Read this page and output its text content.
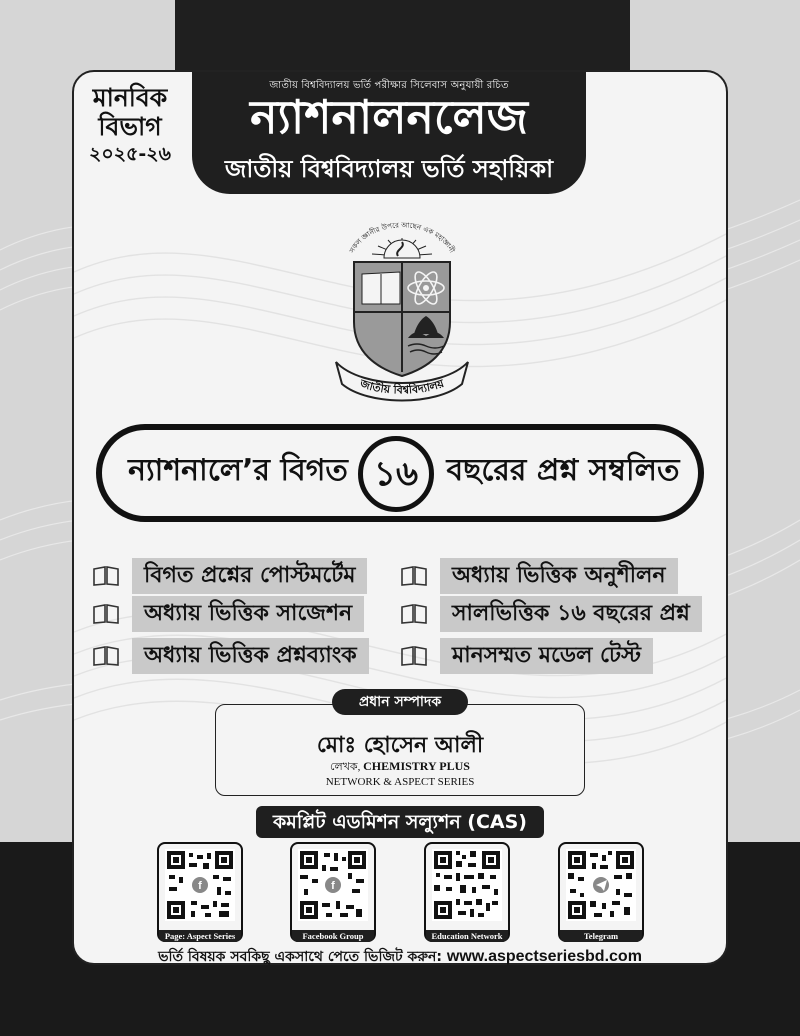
মানবিক
বিভাগ
২০২৫-২৬
জাতীয় বিশ্ববিদ্যালয় ভর্তি পরীক্ষার সিলেবাস অনুযায়ী রচিত
ন্যাশনালনলেজ
জাতীয় বিশ্ববিদ্যালয় ভর্তি সহায়িকা
সকল জ্ঞানীর উপরে আছেন এক মহাজ্ঞানী
জাতীয় বিশ্ববিদ্যালয়
ন্যাশনালে’র বিগত ১৬ বছরের প্রশ্ন সম্বলিত
বিগত প্রশ্নের পোস্টমর্টেম	অধ্যায় ভিত্তিক অনুশীলন
অধ্যায় ভিত্তিক সাজেশন	সালভিত্তিক ১৬ বছরের প্রশ্ন
অধ্যায় ভিত্তিক প্রশ্নব্যাংক	মানসম্মত মডেল টেস্ট
প্রধান সম্পাদক
মোঃ হোসেন আলী
লেখক, CHEMISTRY PLUS
NETWORK & ASPECT SERIES
কমপ্লিট এডমিশন সল্যুশন (CAS)
f
Page: Aspect Series
f
Facebook Group	Education Network	Telegram
ভর্তি বিষয়ক সবকিছু একসাথে পেতে ভিজিট করুন: www.aspectseriesbd.com
